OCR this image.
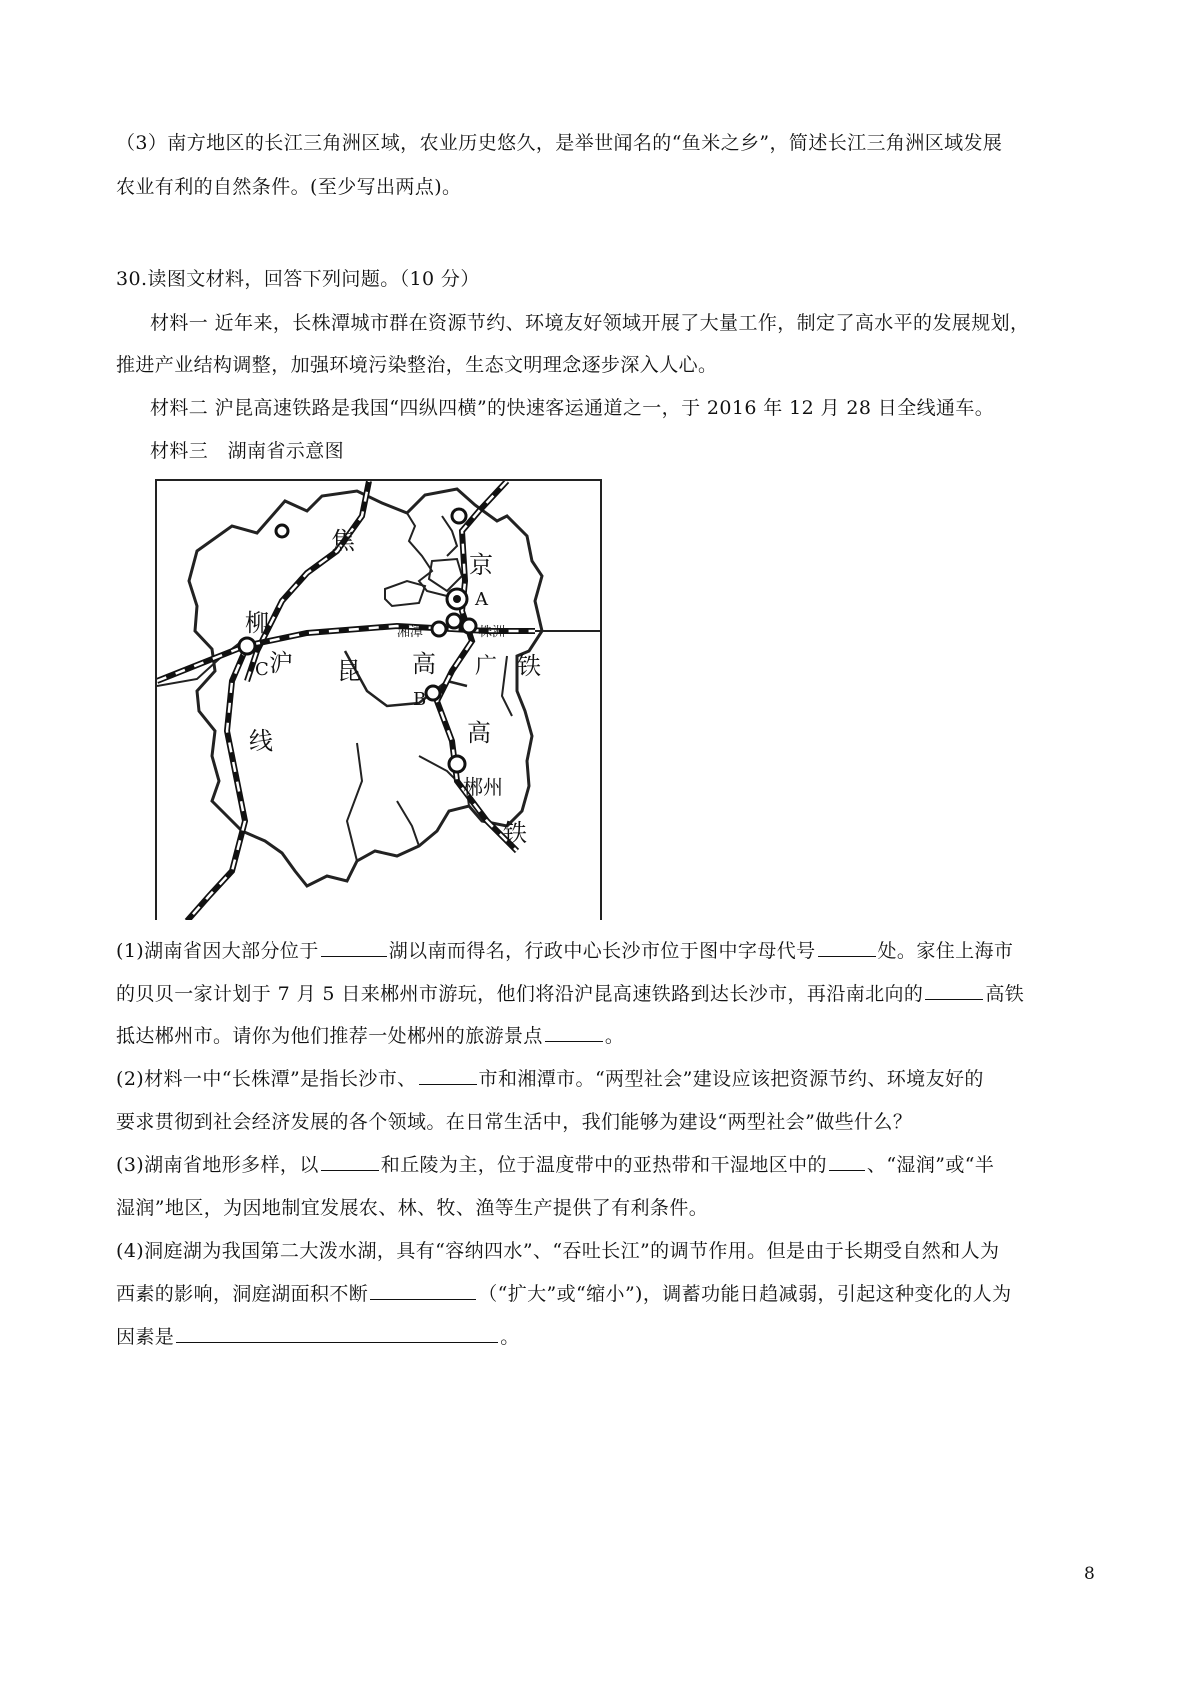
（3）南方地区的长江三角洲区域，农业历史悠久，是举世闻名的“鱼米之乡”，简述长江三角洲区域发展
农业有利的自然条件。(至少写出两点)。
30.读图文材料，回答下列问题。（10 分）
材料一 近年来，长株潭城市群在资源节约、环境友好领域开展了大量工作，制定了高水平的发展规划，
推进产业结构调整，加强环境污染整治，生态文明理念逐步深入人心。
材料二 沪昆高速铁路是我国“四纵四横”的快速客运通道之一，于 2016 年 12 月 28 日全线通车。
材料三　湖南省示意图
焦
京
A
柳	湘潭	株洲
沪 昆 高 广 铁
C
B
线	高
郴州
铁
(1)湖南省因大部分位于	湖以南而得名，行政中心长沙市位于图中字母代号	处。家住上海市
的贝贝一家计划于 7 月 5 日来郴州市游玩，他们将沿沪昆高速铁路到达长沙市，再沿南北向的	高铁
抵达郴州市。请你为他们推荐一处郴州的旅游景点	。
(2)材料一中“长株潭”是指长沙市、	市和湘潭市。“两型社会”建设应该把资源节约、环境友好的
要求贯彻到社会经济发展的各个领域。在日常生活中，我们能够为建设“两型社会”做些什么？
(3)湖南省地形多样，以	和丘陵为主，位于温度带中的亚热带和干湿地区中的 、“湿润”或“半
湿润”地区，为因地制宜发展农、林、牧、渔等生产提供了有利条件。
(4)洞庭湖为我国第二大泼水湖，具有“容纳四水”、“吞吐长江”的调节作用。但是由于长期受自然和人为
西素的影响，洞庭湖面积不断	（“扩大”或“缩小”)，调蓄功能日趋减弱，引起这种变化的人为
因素是	。
8
